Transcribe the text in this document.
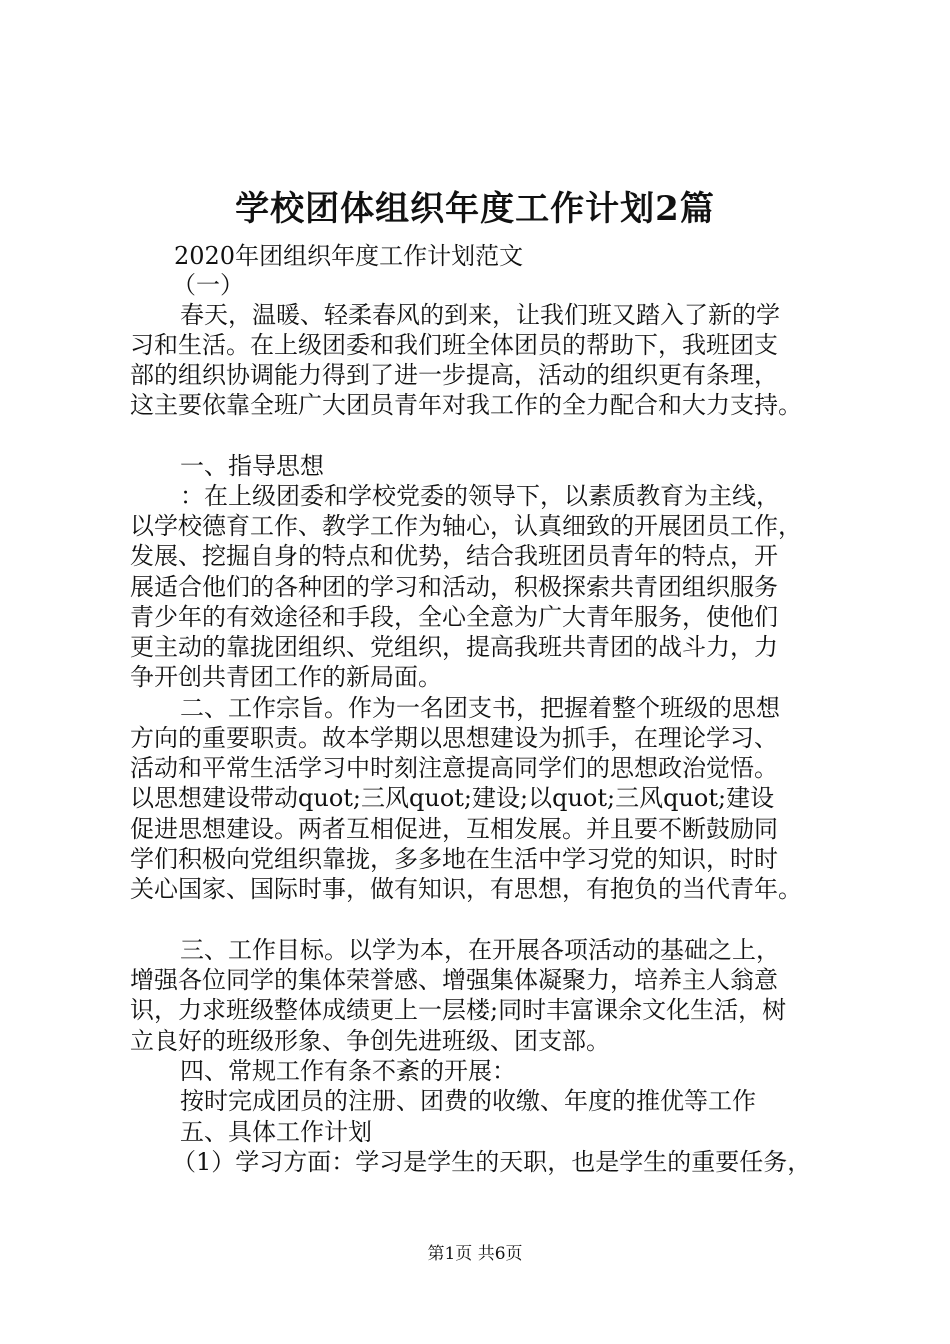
学校团体组织年度工作计划2篇
2020年团组织年度工作计划范文
（一）
春天，温暖、轻柔春风的到来，让我们班又踏入了新的学
习和生活。在上级团委和我们班全体团员的帮助下，我班团支
部的组织协调能力得到了进一步提高，活动的组织更有条理，
这主要依靠全班广大团员青年对我工作的全力配合和大力支持。
一、指导思想
：在上级团委和学校党委的领导下，以素质教育为主线，
以学校德育工作、教学工作为轴心，认真细致的开展团员工作，
发展、挖掘自身的特点和优势，结合我班团员青年的特点，开
展适合他们的各种团的学习和活动，积极探索共青团组织服务
青少年的有效途径和手段，全心全意为广大青年服务，使他们
更主动的靠拢团组织、党组织，提高我班共青团的战斗力，力
争开创共青团工作的新局面。
二、工作宗旨。作为一名团支书，把握着整个班级的思想
方向的重要职责。故本学期以思想建设为抓手，在理论学习、
活动和平常生活学习中时刻注意提高同学们的思想政治觉悟。
以思想建设带动quot;三风quot;建设;以quot;三风quot;建设
促进思想建设。两者互相促进，互相发展。并且要不断鼓励同
学们积极向党组织靠拢，多多地在生活中学习党的知识，时时
关心国家、国际时事，做有知识，有思想，有抱负的当代青年。
三、工作目标。以学为本，在开展各项活动的基础之上，
增强各位同学的集体荣誉感、增强集体凝聚力，培养主人翁意
识，力求班级整体成绩更上一层楼;同时丰富课余文化生活，树
立良好的班级形象、争创先进班级、团支部。
四、常规工作有条不紊的开展：
按时完成团员的注册、团费的收缴、年度的推优等工作
五、具体工作计划
（1）学习方面：学习是学生的天职，也是学生的重要任务，
第1页 共6页
